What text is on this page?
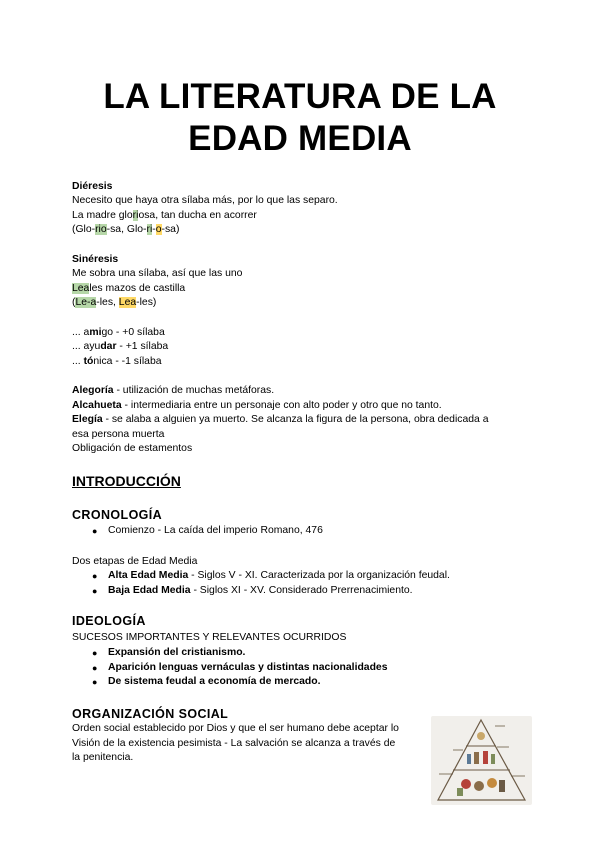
LA LITERATURA DE LA
EDAD MEDIA
Diéresis
Necesito que haya otra sílaba más, por lo que las separo.
La madre gloriosa, tan ducha en acorrer
(Glo-rio-sa, Glo-ri-o-sa)
Sinéresis
Me sobra una sílaba, así que las uno
Leales mazos de castilla
(Le-a-les, Lea-les)
... amigo - +0 sílaba
... ayudar - +1 sílaba
... tónica - -1 sílaba
Alegoría - utilización de muchas metáforas.
Alcahueta - intermediaria entre un personaje con alto poder y otro que no tanto.
Elegía - se alaba a alguien ya muerto. Se alcanza la figura de la persona, obra dedicada a
esa persona muerta
Obligación de estamentos
INTRODUCCIÓN
CRONOLOGÍA
● Comienzo - La caída del imperio Romano, 476
Dos etapas de Edad Media
● Alta Edad Media - Siglos V - XI. Caracterizada por la organización feudal.
● Baja Edad Media - Siglos XI - XV. Considerado Prerrenacimiento.
IDEOLOGÍA
SUCESOS IMPORTANTES Y RELEVANTES OCURRIDOS
● Expansión del cristianismo.
● Aparición lenguas vernáculas y distintas nacionalidades
● De sistema feudal a economía de mercado.
ORGANIZACIÓN SOCIAL
Orden social establecido por Dios y que el ser humano debe aceptar lo
Visión de la existencia pesimista - La salvación se alcanza a través de
la penitencia.
